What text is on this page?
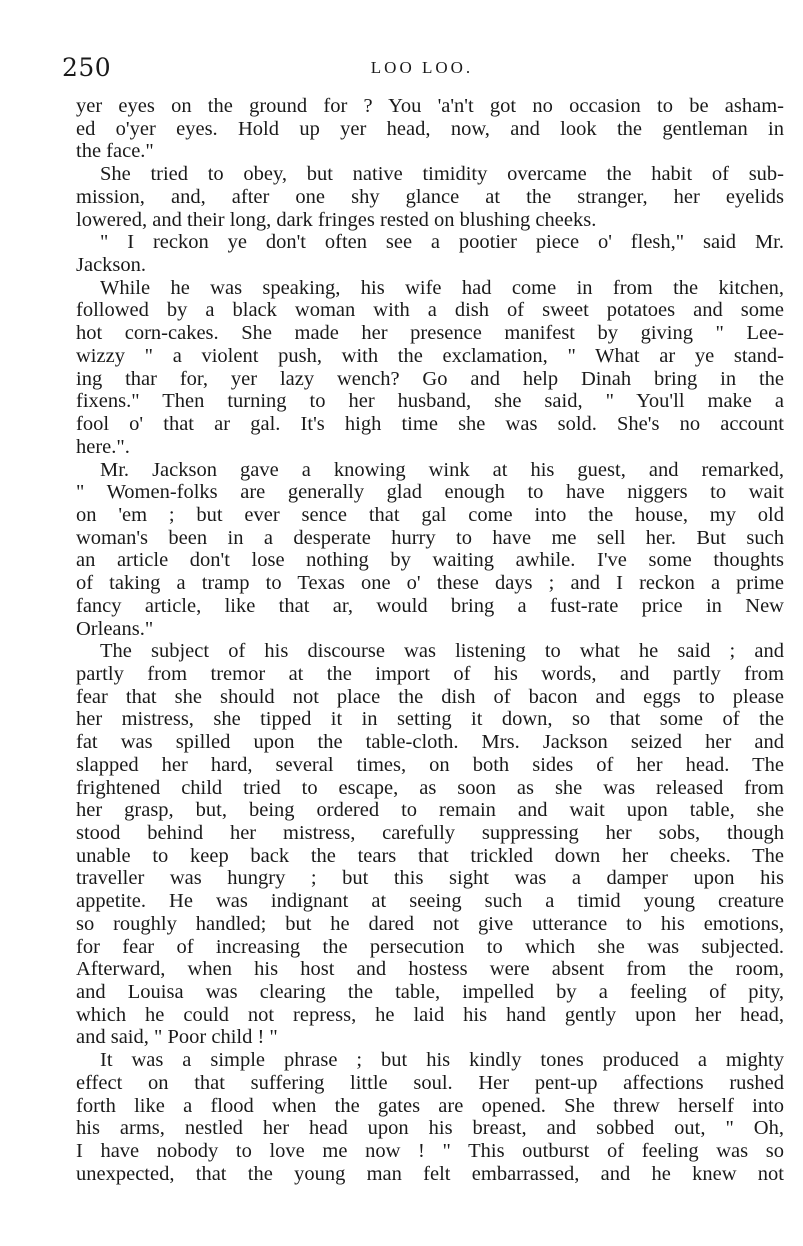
250	LOO LOO.
yer eyes on the ground for ? You 'a'n't got no occasion to be asham-
ed o'yer eyes. Hold up yer head, now, and look the gentleman in
the face."
She tried to obey, but native timidity overcame the habit of sub-
mission, and, after one shy glance at the stranger, her eyelids
lowered, and their long, dark fringes rested on blushing cheeks.
" I reckon ye don't often see a pootier piece o' flesh," said Mr.
Jackson.
While he was speaking, his wife had come in from the kitchen,
followed by a black woman with a dish of sweet potatoes and some
hot corn-cakes. She made her presence manifest by giving " Lee-
wizzy " a violent push, with the exclamation, " What ar ye stand-
ing thar for, yer lazy wench? Go and help Dinah bring in the
fixens." Then turning to her husband, she said, " You'll make a
fool o' that ar gal. It's high time she was sold. She's no account
here.".
Mr. Jackson gave a knowing wink at his guest, and remarked,
" Women-folks are generally glad enough to have niggers to wait
on 'em ; but ever sence that gal come into the house, my old
woman's been in a desperate hurry to have me sell her. But such
an article don't lose nothing by waiting awhile. I've some thoughts
of taking a tramp to Texas one o' these days ; and I reckon a prime
fancy article, like that ar, would bring a fust-rate price in New
Orleans."
The subject of his discourse was listening to what he said ; and
partly from tremor at the import of his words, and partly from
fear that she should not place the dish of bacon and eggs to please
her mistress, she tipped it in setting it down, so that some of the
fat was spilled upon the table-cloth. Mrs. Jackson seized her and
slapped her hard, several times, on both sides of her head. The
frightened child tried to escape, as soon as she was released from
her grasp, but, being ordered to remain and wait upon table, she
stood behind her mistress, carefully suppressing her sobs, though
unable to keep back the tears that trickled down her cheeks. The
traveller was hungry ; but this sight was a damper upon his
appetite. He was indignant at seeing such a timid young creature
so roughly handled; but he dared not give utterance to his emotions,
for fear of increasing the persecution to which she was subjected.
Afterward, when his host and hostess were absent from the room,
and Louisa was clearing the table, impelled by a feeling of pity,
which he could not repress, he laid his hand gently upon her head,
and said, " Poor child ! "
It was a simple phrase ; but his kindly tones produced a mighty
effect on that suffering little soul. Her pent-up affections rushed
forth like a flood when the gates are opened. She threw herself into
his arms, nestled her head upon his breast, and sobbed out, " Oh,
I have nobody to love me now ! " This outburst of feeling was so
unexpected, that the young man felt embarrassed, and he knew not
